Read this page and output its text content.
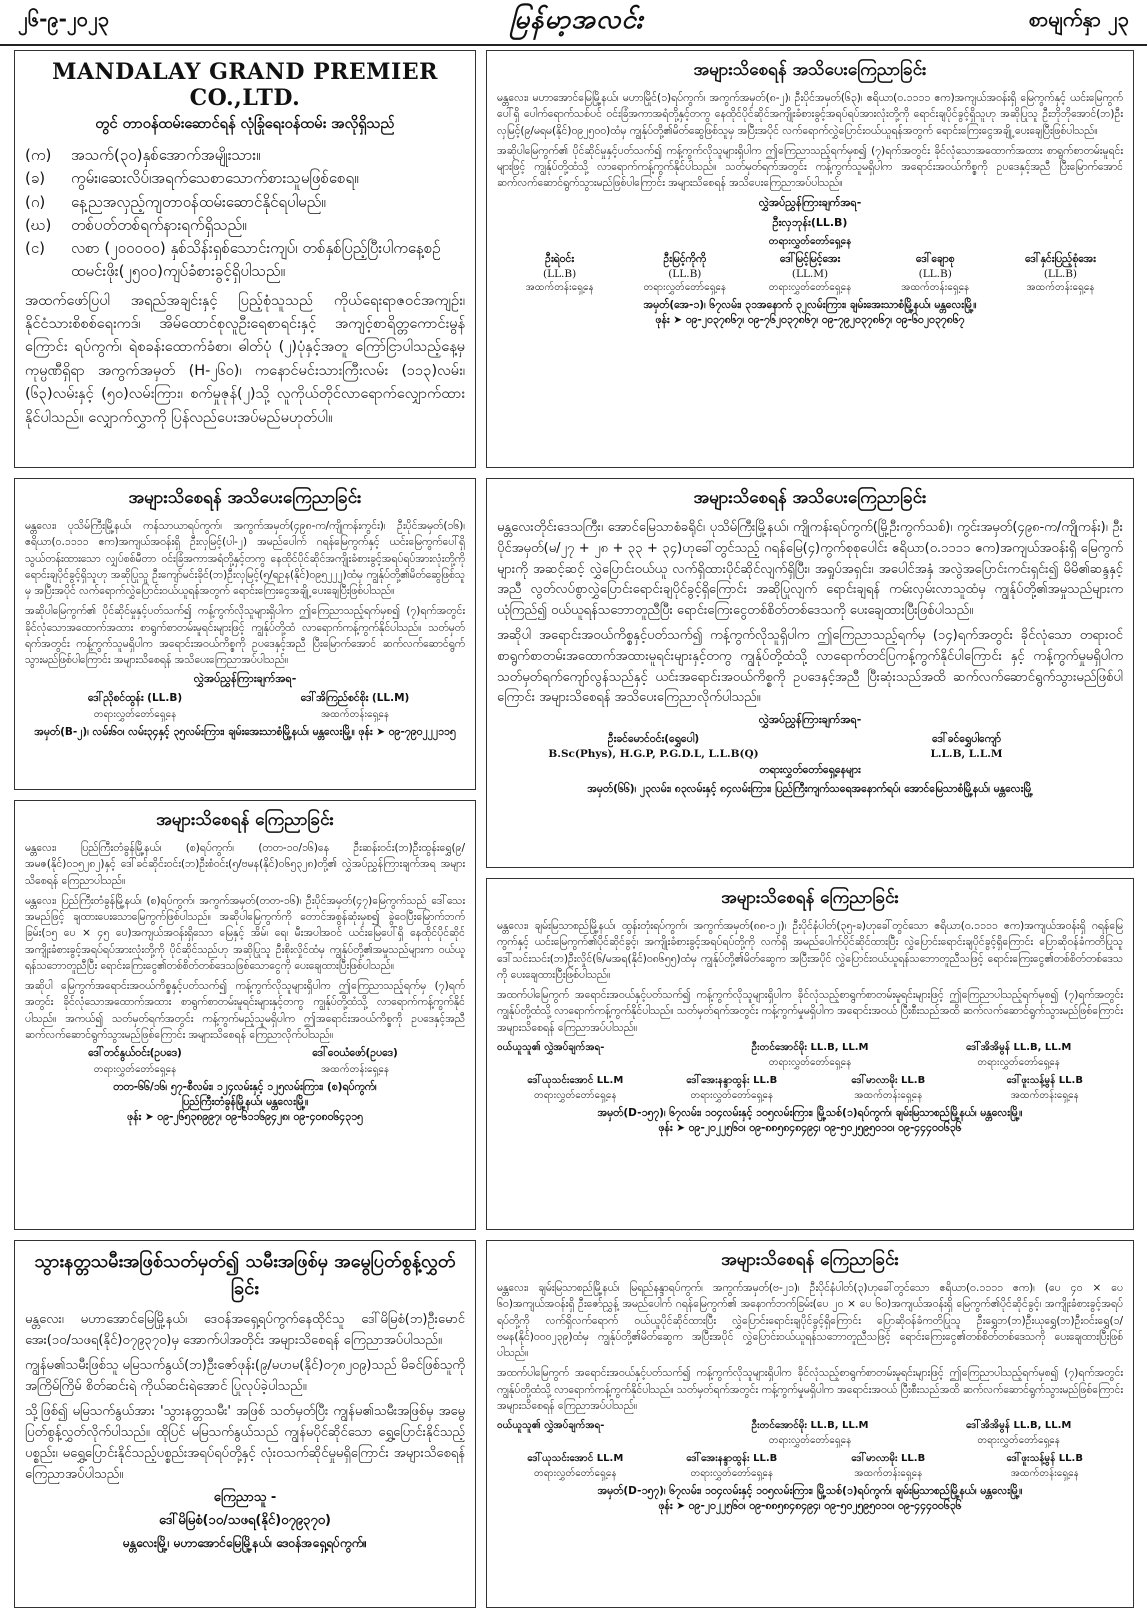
၂၆-၉-၂၀၂၃	မြန်မာ့အလင်း	စာမျက်နှာ ၂၃
MANDALAY GRAND PREMIER CO.,LTD.
တွင် တာဝန်ထမ်းဆောင်ရန် လုံခြုံရေးဝန်ထမ်း အလိုရှိသည်
(က)	အသက်(၃၀)နှစ်အောက်အမျိုးသား။
(ခ)	ကွမ်း၊ဆေးလိပ်၊အရက်သေစာသောက်စားသူမဖြစ်စေရ။
(ဂ)	နေ့ညအလှည့်ကျတာဝန်ထမ်းဆောင်နိုင်ရပါမည်။
(ဃ)	တစ်ပတ်တစ်ရက်နားရက်ရှိသည်။
(င)	လစာ (၂၀၀၀၀၀) နှစ်သိန်းရှစ်သောင်းကျပ်၊ တစ်နှစ်ပြည့်ပြီးပါကနေ့စဉ်ထမင်းဖိုး(၂၅၀၀)ကျပ်ခံစားခွင့်ရှိပါသည်။
အထက်ဖော်ပြပါ အရည်အချင်းနှင့် ပြည့်စုံသူသည် ကိုယ်ရေးရာဇဝင်အကျဉ်း၊ နိုင်ငံသားစိစစ်ရေးကဒ်၊ အိမ်ထောင်စုလူဦးရေစာရင်းနှင့် အကျင့်စာရိတ္တကောင်းမွန်ကြောင်း ရပ်ကွက်၊ ရဲစခန်းထောက်ခံစာ၊ ဓါတ်ပုံ (၂)ပုံနှင့်အတူ ကြော်ငြာပါသည့်နေ့မှ ကုမ္ပဏီရှိရာ အကွက်အမှတ် (H-၂၆၀)၊ ကနောင်မင်းသားကြီးလမ်း (၁၁၃)လမ်း၊ (၆၃)လမ်းနှင့် (၅၀)လမ်းကြား၊ စက်မှုဇုန်(၂)သို့ လူကိုယ်တိုင်လာရောက်လျှောက်ထားနိုင်ပါသည်။ လျှောက်လွှာကို ပြန်လည်ပေးအပ်မည်မဟုတ်ပါ။
အများသိစေရန် အသိပေးကြေညာခြင်း

မန္တလေး၊ မဟာအောင်မြေမြို့နယ်၊ မဟာမြိုင်(၁)ရပ်ကွက်၊ အကွက်အမှတ်(၈-၂)၊ ဦးပိုင်အမှတ်(၆၃)၊ ဧရိယာ(၀.၁၁၁၁ ဧက)အကျယ်အဝန်းရှိ မြေကွက်နှင့် ယင်းမြေကွက်ပေါ်ရှိ ပေါက်ရောက်သစ်ပင် ဝင်းခြံအကာအရံတို့နှင့်တကွ နေထိုင်ပိုင်ဆိုင်အကျိုးခံစားခွင့်အရပ်ရပ်အားလုံးတို့ကို ရောင်းချပိုင်ခွင့်ရှိသူဟု အဆိုပြုသူ ဦးဘိုဘိုအောင်(ဘ)ဦးလှမြင့်(၉/မရမ(နိုင်)၀၉၂၅၀၀)ထံမှ ကျွန်ုပ်တို့၏မိတ်ဆွေဖြစ်သူမှ အပြီးအပိုင် လက်ရောက်လွှဲပြောင်းဝယ်ယူရန်အတွက် ရောင်းကြေးငွေအချို့ ပေးချေပြီးဖြစ်ပါသည်။

အဆိုပါမြေကွက်၏ ပိုင်ဆိုင်မှုနှင့်ပတ်သက်၍ ကန့်ကွက်လိုသူများရှိပါက ဤကြေညာသည့်ရက်မှစ၍ (၇)ရက်အတွင်း ခိုင်လုံသောအထောက်အထား စာရွက်စာတမ်းမူရင်းများဖြင့် ကျွန်ုပ်တို့ထံသို့ လာရောက်ကန့်ကွက်နိုင်ပါသည်။ သတ်မှတ်ရက်အတွင်း ကန့်ကွက်သူမရှိပါက အရောင်းအဝယ်ကိစ္စကို ဥပဒေနှင့်အညီ ပြီးမြောက်အောင် ဆက်လက်ဆောင်ရွက်သွားမည်ဖြစ်ပါကြောင်း အများသိစေရန် အသိပေးကြေညာအပ်ပါသည်။

လွှဲအပ်ညွှန်ကြားချက်အရ-
ဦးလှဘုန်း(LL.B)
တရားလွှတ်တော်ရှေ့နေ
ဦးရဲဝင်း
(LL.B)
အထက်တန်းရှေ့နေ
ဦးမြင့်ကိုကို
(LL.B)
တရားလွှတ်တော်ရှေ့နေ
ဒေါ်မြင့်မြင့်အေး
(LL.M)
တရားလွှတ်တော်ရှေ့နေ
ဒေါ်ချောစု
(LL.B)
အထက်တန်းရှေ့နေ
ဒေါ်နှင်းပြည့်စုံအေး
(LL.B)
အထက်တန်းရှေ့နေ
အမှတ်(အေ-၁)၊ ၆၇လမ်း၊ ၃၁အနောက် ၃၂လမ်းကြား၊ ချမ်းအေးသာစံမြို့နယ်၊ မန္တလေးမြို့။
ဖုန်း ➤ ၀၉-၂၀၃၇၈၆၇၊ ၀၉-၇၆၂၀၃၇၈၆၇၊ ၀၉-၇၉၂၀၃၇၈၆၇၊ ၀၉-၆၀၂၀၃၇၈၆၇
အများသိစေရန် အသိပေးကြေညာခြင်း

မန္တလေး၊ ပုသိမ်ကြီးမြို့နယ်၊ ကန်သာယာရပ်ကွက်၊ အကွက်အမှတ်(၄၉၈-က/ကျိုကန်းကွင်း)၊ ဦးပိုင်အမှတ်(၁၆)၊ ဧရိယာ(၀.၁၁၁၁ ဧက)အကျယ်အဝန်းရှိ ဦးလှမြင့်(ပါ-၂) အမည်ပေါက် ဂရန်မြေကွက်နှင့် ယင်းမြေကွက်ပေါ်ရှိ သွယ်တန်းထားသော လျှပ်စစ်မီတာ ဝင်းခြံအကာအရံတို့နှင့်တကွ နေထိုင်ပိုင်ဆိုင်အကျိုးခံစားခွင့်အရပ်ရပ်အားလုံးတို့ကို ရောင်းချပိုင်ခွင့်ရှိသူဟု အဆိုပြုသူ ဦးကျော်မင်းခိုင်(ဘ)ဦးလှမြင့်(၅/ရဥန(နိုင်)၀၉၅၂၂၂)ထံမှ ကျွန်ုပ်တို့၏မိတ်ဆွေဖြစ်သူမှ အပြီးအပိုင် လက်ရောက်လွှဲပြောင်းဝယ်ယူရန်အတွက် ရောင်းကြေးငွေအချို့ ပေးချေပြီးဖြစ်ပါသည်။

အဆိုပါမြေကွက်၏ ပိုင်ဆိုင်မှုနှင့်ပတ်သက်၍ ကန့်ကွက်လိုသူများရှိပါက ဤကြေညာသည့်ရက်မှစ၍ (၇)ရက်အတွင်း ခိုင်လုံသောအထောက်အထား စာရွက်စာတမ်းမူရင်းများဖြင့် ကျွန်ုပ်တို့ထံ လာရောက်ကန့်ကွက်နိုင်ပါသည်။ သတ်မှတ်ရက်အတွင်း ကန့်ကွက်သူမရှိပါက အရောင်းအဝယ်ကိစ္စကို ဥပဒေနှင့်အညီ ပြီးမြောက်အောင် ဆက်လက်ဆောင်ရွက်သွားမည်ဖြစ်ပါကြောင်း အများသိစေရန် အသိပေးကြေညာအပ်ပါသည်။

လွှဲအပ်ညွှန်ကြားချက်အရ-
ဒေါ်ညိုစင်ထွန်း (LL.B)
တရားလွှတ်တော်ရှေ့နေ
ဒေါ်အိကြည်စင်စိုး (LL.M)
အထက်တန်းရှေ့နေ
အမှတ်(B-၂)၊ လမ်း၆၀၊ လမ်း၃၄နှင့် ၃၅လမ်းကြား၊ ချမ်းအေးသာစံမြို့နယ်၊ မန္တလေးမြို့။ ဖုန်း ➤ ၀၉-၇၉၀၂၂၂၁၁၅
အများသိစေရန် အသိပေးကြေညာခြင်း

မန္တလေးတိုင်းဒေသကြီး၊ အောင်မြေသာစံခရိုင်၊ ပုသိမ်ကြီးမြို့နယ်၊ ကျိုကန်းရပ်ကွက်(မြို့ဦးကွက်သစ်)၊ ကွင်းအမှတ်(၄၉၈-က/ကျိုကန်း)၊ ဦးပိုင်အမှတ်(မ/၂၇ + ၂၈ + ၃၃ + ၃၄)ဟုခေါ်တွင်သည့် ဂရန်မြေ(၄)ကွက်စုစုပေါင်း ဧရိယာ(၀.၁၁၁၁ ဧက)အကျယ်အဝန်းရှိ မြေကွက်များကို အဆင့်ဆင့် လွှဲပြောင်းဝယ်ယူ လက်ရှိထားပိုင်ဆိုင်လျက်ရှိပြီး၊ အရှုပ်အရှင်း၊ အပေါင်အနှံ အလွဲအပြောင်းကင်းရှင်း၍ မိမိ၏ဆန္ဒနှင့်အညီ လွတ်လပ်စွာလွှဲပြောင်းရောင်းချပိုင်ခွင့်ရှိကြောင်း အဆိုပြုလျက် ရောင်းချရန် ကမ်းလှမ်းလာသူထံမှ ကျွန်ုပ်တို့၏အမှုသည်များက ယုံကြည်၍ ဝယ်ယူရန်သဘောတူညီပြီး ရောင်းကြေးငွေတစ်စိတ်တစ်ဒေသကို ပေးချေထားပြီးဖြစ်ပါသည်။

အဆိုပါ အရောင်းအဝယ်ကိစ္စနှင့်ပတ်သက်၍ ကန့်ကွက်လိုသူရှိပါက ဤကြေညာသည့်ရက်မှ (၁၄)ရက်အတွင်း ခိုင်လုံသော တရားဝင် စာရွက်စာတမ်းအထောက်အထားမူရင်းများနှင့်တကွ ကျွန်ုပ်တို့ထံသို့ လာရောက်တင်ပြကန့်ကွက်နိုင်ပါကြောင်း နှင့် ကန့်ကွက်မှုမရှိပါက သတ်မှတ်ရက်ကျော်လွန်သည်နှင့် ယင်းအရောင်းအဝယ်ကိစ္စကို ဥပဒေနှင့်အညီ ပြီးဆုံးသည်အထိ ဆက်လက်ဆောင်ရွက်သွားမည်ဖြစ်ပါကြောင်း အများသိစေရန် အသိပေးကြေညာလိုက်ပါသည်။

လွှဲအပ်ညွှန်ကြားချက်အရ-
ဦးခင်မောင်ဝင်း(ရွှေပေါ)
B.Sc(Phys), H.G.P, P.G.D.L, L.L.B(Q)
ဒေါ်ခင်ရွှေပါကျော်
L.L.B, L.L.M
တရားလွှတ်တော်ရှေ့နေများ
အမှတ်(၆၆)၊ ၂၃လမ်း၊ ၈၃လမ်းနှင့် ၈၄လမ်းကြား၊ ပြည်ကြီးကျက်သရေအနောက်ရပ်၊ အောင်မြေသာစံမြို့နယ်၊ မန္တလေးမြို့
အများသိစေရန် ကြေညာခြင်း

မန္တလေး၊ ပြည်ကြီးတံခွန်မြို့နယ်၊ (စ)ရပ်ကွက်၊ (တတ-၁၀/၁၆)နေ ဦးဆန်းဝင်း(ဘ)ဦးထွန်းရွှေ(၉/အမဇ(နိုင်)၀၁၅၂၈၂)နှင့် ဒေါ်ခင်ဆိုင်းဝင်း(ဘ)ဦးစံဝင်း(၅/ဗမန(နိုင်)၀၆၅၃၂၈)တို့၏ လွှဲအပ်ညွှန်ကြားချက်အရ အများသိစေရန် ကြေညာပါသည်။

မန္တလေး၊ ပြည်ကြီးတံခွန်မြို့နယ်၊ (စ)ရပ်ကွက်၊ အကွက်အမှတ်(တတ-၁၆)၊ ဦးပိုင်အမှတ်(၄၇)မြေကွက်သည် ဒေါ်သေး အမည်ဖြင့် ချထားပေးသောမြေကွက်ဖြစ်ပါသည်။ အဆိုပါမြေကွက်ကို တောင်အစွန်ဆုံးမှစ၍ ခွဲဝေပြီးမြောက်ဘက်ခြမ်း(၁၅ ပေ × ၄၅ ပေ)အကျယ်အဝန်းရှိသော မြေနှင့် အိမ်၊ ရေ၊ မီးအပါအဝင် ယင်းမြေပေါ်ရှိ နေထိုင်ပိုင်ဆိုင် အကျိုးခံစားခွင့်အရပ်ရပ်အားလုံးတို့ကို ပိုင်ဆိုင်သည်ဟု အဆိုပြုသူ ဦးစိုးလှိုင်ထံမှ ကျွန်ုပ်တို့၏အမှုသည်များက ဝယ်ယူရန်သဘောတူညီပြီး ရောင်းကြေးငွေ၏တစ်စိတ်တစ်ဒေသဖြစ်သောငွေကို ပေးချေထားပြီးဖြစ်ပါသည်။

အဆိုပါ မြေကွက်အရောင်းအဝယ်ကိစ္စနှင့်ပတ်သက်၍ ကန့်ကွက်လိုသူများရှိပါက ဤကြေညာသည့်ရက်မှ (၇)ရက်အတွင်း ခိုင်လုံသောအထောက်အထား စာရွက်စာတမ်းမူရင်းများနှင့်တကွ ကျွန်ုပ်တို့ထံသို့ လာရောက်ကန့်ကွက်နိုင်ပါသည်။ အကယ်၍ သတ်မှတ်ရက်အတွင်း ကန့်ကွက်မည့်သူမရှိပါက ဤအရောင်းအဝယ်ကိစ္စကို ဥပဒေနှင့်အညီ ဆက်လက်ဆောင်ရွက်သွားမည်ဖြစ်ကြောင်း အများသိစေရန် ကြေညာလိုက်ပါသည်။

ဒေါ်တင်နွယ်ဝင်း(ဥပဒေ)
တရားလွှတ်တော်ရှေ့နေ
ဒေါ်ဝေယံဖော်(ဥပဒေ)
အထက်တန်းရှေ့နေ
တတ-၆၆/၁၆၊ ၅၇-စီလမ်း၊ ၁၂၄လမ်းနှင့် ၁၂၅လမ်းကြား၊ (စ)ရပ်ကွက်၊
ပြည်ကြီးတံခွန်မြို့နယ်၊ မန္တလေးမြို့။
ဖုန်း ➤ ၀၉-၂၆၅၃၈၉၉၇၊ ၀၉-၆၁၁၆၉၄၂၈၊ ၀၉-၄၀၈၀၆၄၃၁၅
အများသိစေရန် ကြေညာခြင်း

မန္တလေး၊ ချမ်းမြသာစည်မြို့နယ်၊ ထွန်းတုံးရပ်ကွက်၊ အကွက်အမှတ်(၈၈-၁၂)၊ ဦးပိုင်နံပါတ်(၃၅-ခ)ဟုခေါ်တွင်သော ဧရိယာ(၀.၁၁၁၁ ဧက)အကျယ်အဝန်းရှိ ဂရန်မြေကွက်နှင့် ယင်းမြေကွက်၏ပိုင်ဆိုင်ခွင့်၊ အကျိုးခံစားခွင့်အရပ်ရပ်တို့ကို လက်ရှိ အမည်ပေါက်ပိုင်ဆိုင်ထားပြီး လွှဲပြောင်းရောင်းချပိုင်ခွင့်ရှိကြောင်း ပြောဆိုဝန်ခံကတိပြုသူ ဒေါ်သင်းသင်း(ဘ)ဦးလှိုင်(၆/မအရ(နိုင်)၀၈၆၅၅)ထံမှ ကျွန်ုပ်တို့၏မိတ်ဆွေက အပြီးအပိုင် လွှဲပြောင်းဝယ်ယူရန်သဘောတူညီသဖြင့် ရောင်းကြေးငွေ၏တစ်စိတ်တစ်ဒေသကို ပေးချေထားပြီးဖြစ်ပါသည်။

အထက်ပါမြေကွက် အရောင်းအဝယ်နှင့်ပတ်သက်၍ ကန့်ကွက်လိုသူများရှိပါက ခိုင်လုံသည့်စာရွက်စာတမ်းမူရင်းများဖြင့် ဤကြေညာပါသည့်ရက်မှစ၍ (၇)ရက်အတွင်း ကျွန်ုပ်တို့ထံသို့ လာရောက်ကန့်ကွက်နိုင်ပါသည်။ သတ်မှတ်ရက်အတွင်း ကန့်ကွက်မှုမရှိပါက အရောင်းအဝယ် ပြီးစီးသည်အထိ ဆက်လက်ဆောင်ရွက်သွားမည်ဖြစ်ကြောင်း အများသိစေရန် ကြေညာအပ်ပါသည်။

ဝယ်ယူသူ၏ လွှဲအပ်ချက်အရ-	ဦးတင်အောင်မိုး LL.B, LL.M
တရားလွှတ်တော်ရှေ့နေ
ဒေါ်အိအိမွန် LL.B, LL.M
တရားလွှတ်တော်ရှေ့နေ
ဒေါ်ယုသင်းအောင် LL.M
တရားလွှတ်တော်ရှေ့နေ
ဒေါ်အေးနန္ဒာထွန်း LL.B
တရားလွှတ်တော်ရှေ့နေ
ဒေါ်မာလာမိုး LL.B
အထက်တန်းရှေ့နေ
ဒေါ်ဖူးသန့်မွန် LL.B
အထက်တန်းရှေ့နေ
အမှတ်(D-၁၅၇)၊ ၆၇လမ်း၊ ၁၀၄လမ်းနှင့် ၁၀၅လမ်းကြား၊ မြို့သစ်(၁)ရပ်ကွက်၊ ချမ်းမြသာစည်မြို့နယ်၊ မန္တလေးမြို့။
ဖုန်း ➤ ၀၉-၂၀၂၂၅၆၀၊ ၀၉-၈၈၅၈၄၈၄၉၄၊ ၀၉-၅၀၂၅၉၅၀၁၀၊ ၀၉-၄၄၄၀၀၆၃၆
သွားနတ္တသမီးအဖြစ်သတ်မှတ်၍ သမီးအဖြစ်မှ အမွေပြတ်စွန့်လွှတ်ခြင်း

မန္တလေး၊ မဟာအောင်မြေမြို့နယ်၊ ဒေဝန်အရှေ့ရပ်ကွက်နေထိုင်သူ ဒေါ်မိမြစံ(ဘ)ဦးမောင်အေး(၁၀/သဖရ(နိုင်)၀၇၉၃၇၀)မှ အောက်ပါအတိုင်း အများသိစေရန် ကြေညာအပ်ပါသည်။

ကျွန်မ၏သမီးဖြစ်သူ မမြသက်နွယ်(ဘ)ဦးဇော်ဖုန်း(၉/မဟမ(နိုင်)၀၇၈၂၀၉)သည် မိခင်ဖြစ်သူကို အကြိမ်ကြိမ် စိတ်ဆင်းရဲ ကိုယ်ဆင်းရဲအောင် ပြုလုပ်ခဲ့ပါသည်။

သို့ဖြစ်၍ မမြသက်နွယ်အား 'သွားနတ္တသမီး' အဖြစ် သတ်မှတ်ပြီး ကျွန်မ၏သမီးအဖြစ်မှ အမွေပြတ်စွန့်လွှတ်လိုက်ပါသည်။ ထိုပြင် မမြသက်နွယ်သည် ကျွန်မပိုင်ဆိုင်သော ရွှေ့ပြောင်းနိုင်သည့်ပစ္စည်း၊ မရွှေ့ပြောင်းနိုင်သည့်ပစ္စည်းအရပ်ရပ်တို့နှင့် လုံးဝသက်ဆိုင်မှုမရှိကြောင်း အများသိစေရန် ကြေညာအပ်ပါသည်။

ကြေညာသူ -
ဒေါ်မိမြစံ(၁၀/သဖရ(နိုင်)၀၇၉၃၇၀)
မန္တလေးမြို့၊ မဟာအောင်မြေမြို့နယ်၊ ဒေဝန်အရှေ့ရပ်ကွက်။
အများသိစေရန် ကြေညာခြင်း

မန္တလေး၊ ချမ်းမြသာစည်မြို့နယ်၊ မြရည်နန္ဒာရပ်ကွက်၊ အကွက်အမှတ်(ဗ-၂၁)၊ ဦးပိုင်နံပါတ်(၃)ဟုခေါ်တွင်သော ဧရိယာ(၀.၁၁၁၁ ဧက)၊ (ပေ ၄၀ × ပေ ၆၀)အကျယ်အဝန်းရှိ ဦးဇော်ညွှန့် အမည်ပေါက် ဂရန်မြေကွက်၏ အနောက်ဘက်ခြမ်း(ပေ ၂၀ × ပေ ၆၀)အကျယ်အဝန်းရှိ မြေကွက်၏ပိုင်ဆိုင်ခွင့်၊ အကျိုးခံစားခွင့်အရပ်ရပ်တို့ကို လက်ရှိလက်ရောက် ဝယ်ယူပိုင်ဆိုင်ထားပြီး လွှဲပြောင်းရောင်းချပိုင်ခွင့်ရှိကြောင်း ပြောဆိုဝန်ခံကတိပြုသူ ဦးရွှေဘ(ဘ)ဦးယုရွှေ(ဘ)ဦးဝင်းရွှေ(၁/ဗမန(နိုင်)၀၀၀၂၃၉)ထံမှ ကျွန်ုပ်တို့၏မိတ်ဆွေက အပြီးအပိုင် လွှဲပြောင်းဝယ်ယူရန်သဘောတူညီသဖြင့် ရောင်းကြေးငွေ၏တစ်စိတ်တစ်ဒေသကို ပေးချေထားပြီးဖြစ်ပါသည်။

အထက်ပါမြေကွက် အရောင်းအဝယ်နှင့်ပတ်သက်၍ ကန့်ကွက်လိုသူများရှိပါက ခိုင်လုံသည့်စာရွက်စာတမ်းမူရင်းများဖြင့် ဤကြေညာပါသည့်ရက်မှစ၍ (၇)ရက်အတွင်း ကျွန်ုပ်တို့ထံသို့ လာရောက်ကန့်ကွက်နိုင်ပါသည်။ သတ်မှတ်ရက်အတွင်း ကန့်ကွက်မှုမရှိပါက အရောင်းအဝယ် ပြီးစီးသည်အထိ ဆက်လက်ဆောင်ရွက်သွားမည်ဖြစ်ကြောင်း အများသိစေရန် ကြေညာအပ်ပါသည်။

ဝယ်ယူသူ၏ လွှဲအပ်ချက်အရ-	ဦးတင်အောင်မိုး LL.B, LL.M
တရားလွှတ်တော်ရှေ့နေ
ဒေါ်အိအိမွန် LL.B, LL.M
တရားလွှတ်တော်ရှေ့နေ
ဒေါ်ယုသင်းအောင် LL.M
တရားလွှတ်တော်ရှေ့နေ
ဒေါ်အေးနန္ဒာထွန်း LL.B
တရားလွှတ်တော်ရှေ့နေ
ဒေါ်မာလာမိုး LL.B
အထက်တန်းရှေ့နေ
ဒေါ်ဖူးသန့်မွန် LL.B
အထက်တန်းရှေ့နေ
အမှတ်(D-၁၅၇)၊ ၆၇လမ်း၊ ၁၀၄လမ်းနှင့် ၁၀၅လမ်းကြား၊ မြို့သစ်(၁)ရပ်ကွက်၊ ချမ်းမြသာစည်မြို့နယ်၊ မန္တလေးမြို့။
ဖုန်း ➤ ၀၉-၂၀၂၂၅၆၀၊ ၀၉-၈၈၅၈၄၈၄၉၄၊ ၀၉-၅၀၂၅၉၅၀၁၀၊ ၀၉-၄၄၄၀၀၆၃၆
